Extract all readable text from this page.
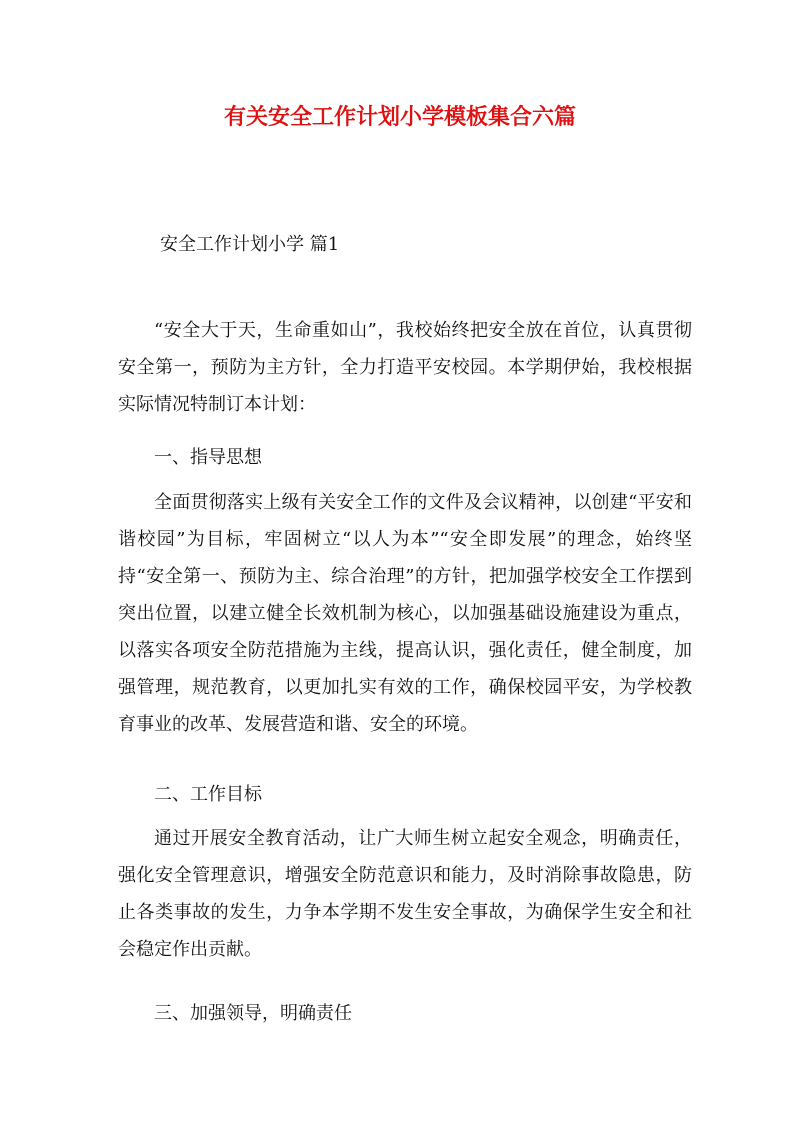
有关安全工作计划小学模板集合六篇
安全工作计划小学 篇1

“安全大于天，生命重如山”，我校始终把安全放在首位，认真贯彻安全第一，预防为主方针，全力打造平安校园。本学期伊始，我校根据实际情况特制订本计划：

一、指导思想

全面贯彻落实上级有关安全工作的文件及会议精神，以创建“平安和谐校园”为目标，牢固树立“以人为本”“安全即发展”的理念，始终坚持“安全第一、预防为主、综合治理”的方针，把加强学校安全工作摆到突出位置，以建立健全长效机制为核心，以加强基础设施建设为重点，以落实各项安全防范措施为主线，提高认识，强化责任，健全制度，加强管理，规范教育，以更加扎实有效的工作，确保校园平安，为学校教育事业的改革、发展营造和谐、安全的环境。

二、工作目标

通过开展安全教育活动，让广大师生树立起安全观念，明确责任，强化安全管理意识，增强安全防范意识和能力，及时消除事故隐患，防止各类事故的发生，力争本学期不发生安全事故，为确保学生安全和社会稳定作出贡献。

三、加强领导，明确责任
